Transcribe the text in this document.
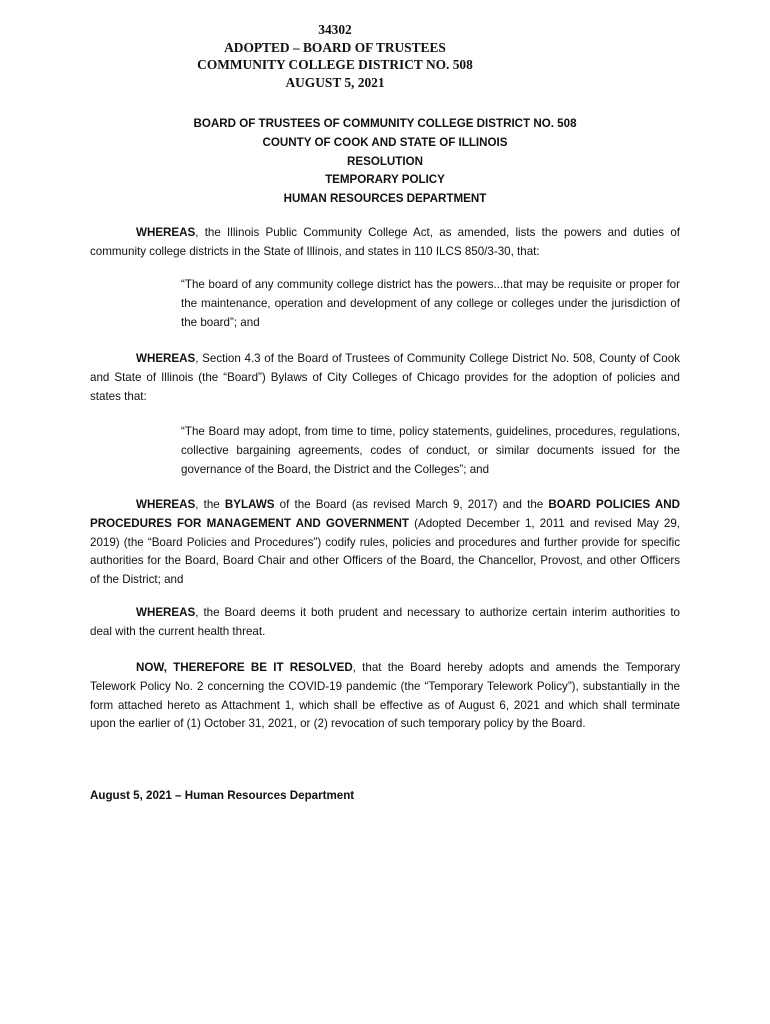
34302
ADOPTED – BOARD OF TRUSTEES
COMMUNITY COLLEGE DISTRICT NO. 508
AUGUST 5, 2021
BOARD OF TRUSTEES OF COMMUNITY COLLEGE DISTRICT NO. 508
COUNTY OF COOK AND STATE OF ILLINOIS
RESOLUTION
TEMPORARY POLICY
HUMAN RESOURCES DEPARTMENT

WHEREAS, the Illinois Public Community College Act, as amended, lists the powers and duties of community college districts in the State of Illinois, and states in 110 ILCS 850/3-30, that:

“The board of any community college district has the powers...that may be requisite or proper for the maintenance, operation and development of any college or colleges under the jurisdiction of the board”; and

WHEREAS, Section 4.3 of the Board of Trustees of Community College District No. 508, County of Cook and State of Illinois (the “Board”) Bylaws of City Colleges of Chicago provides for the adoption of policies and states that:

“The Board may adopt, from time to time, policy statements, guidelines, procedures, regulations, collective bargaining agreements, codes of conduct, or similar documents issued for the governance of the Board, the District and the Colleges”; and

WHEREAS, the BYLAWS of the Board (as revised March 9, 2017) and the BOARD POLICIES AND PROCEDURES FOR MANAGEMENT AND GOVERNMENT (Adopted December 1, 2011 and revised May 29, 2019) (the “Board Policies and Procedures”) codify rules, policies and procedures and further provide for specific authorities for the Board, Board Chair and other Officers of the Board, the Chancellor, Provost, and other Officers of the District; and

WHEREAS, the Board deems it both prudent and necessary to authorize certain interim authorities to deal with the current health threat.

NOW, THEREFORE BE IT RESOLVED, that the Board hereby adopts and amends the Temporary Telework Policy No. 2 concerning the COVID-19 pandemic (the “Temporary Telework Policy”), substantially in the form attached hereto as Attachment 1, which shall be effective as of August 6, 2021 and which shall terminate upon the earlier of (1) October 31, 2021, or (2) revocation of such temporary policy by the Board.

August 5, 2021 – Human Resources Department
